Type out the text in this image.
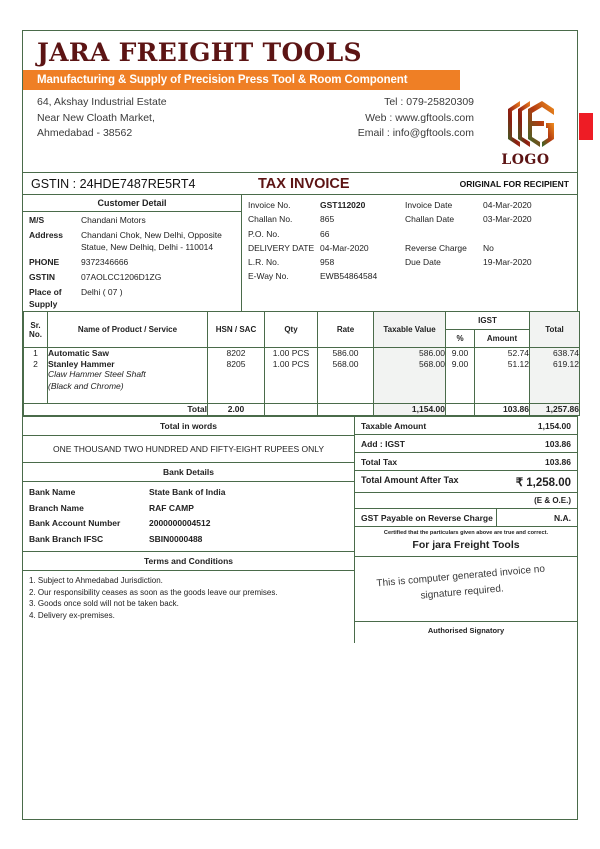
JARA FREIGHT TOOLS
Manufacturing & Supply of Precision Press Tool & Room Component
64, Akshay Industrial Estate
Near New Cloath Market,
Ahmedabad - 38562
Tel : 079-25820309
Web : www.gftools.com
Email : info@gftools.com
LOGO
GSTIN : 24HDE7487RE5RT4	TAX INVOICE	ORIGINAL FOR RECIPIENT
Customer Detail
M/S	Chandani Motors
Address	Chandani Chok, New Delhi, Opposite Statue, New Delhiq, Delhi - 110014
PHONE	9372346666
GSTIN	07AOLCC1206D1ZG
Place of Supply
Delhi ( 07 )
Invoice No.	GST112020	Invoice Date	04-Mar-2020
Challan No.	865	Challan Date	03-Mar-2020
P.O. No.	66
DELIVERY DATE 04-Mar-2020	Reverse Charge	No
L.R. No.	958	Due Date	19-Mar-2020
E-Way No.	EWB54864584
Sr. No.	Name of Product / Service	HSN / SAC	Qty	Rate	Taxable Value	IGST		Total
						%	Amount	
1	Automatic Saw	8202	1.00 PCS	586.00	586.00	9.00	52.74	638.74
2	Stanley Hammer
Claw Hammer Steel Shaft
(Black and Chrome)	8205	1.00 PCS	568.00	568.00	9.00	51.12	619.12

Total		2.00			1,154.00		103.86	1,257.86
Total in words
ONE THOUSAND TWO HUNDRED AND FIFTY-EIGHT RUPEES ONLY
Bank Details
Bank Name	State Bank of India
Branch Name	RAF CAMP
Bank Account Number	2000000004512
Bank Branch IFSC	SBIN0000488
Terms and Conditions
1. Subject to Ahmedabad Jurisdiction.
2. Our responsibility ceases as soon as the goods leave our premises.
3. Goods once sold will not be taken back.
4. Delivery ex-premises.
Taxable Amount	1,154.00
Add : IGST	103.86
Total Tax	103.86
Total Amount After Tax	₹ 1,258.00
(E & O.E.)
GST Payable on Reverse Charge	N.A.
Certified that the particulars given above are true and correct.
For jara Freight Tools
This is computer generated invoice no signature required.
Authorised Signatory
